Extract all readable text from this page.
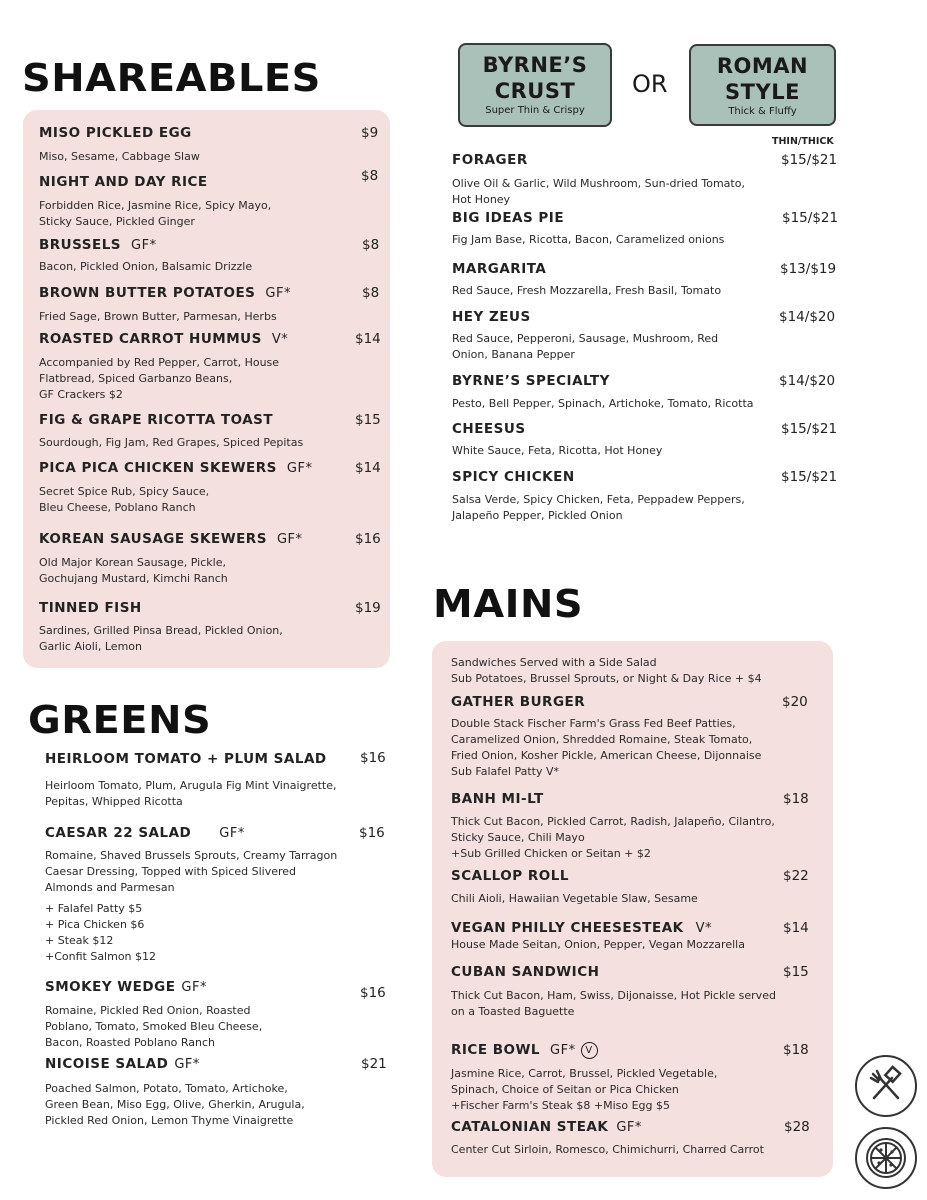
SHAREABLES
MISO PICKLED EGG	$9
Miso, Sesame, Cabbage Slaw
NIGHT AND DAY RICE	$8
Forbidden Rice, Jasmine Rice, Spicy Mayo,
Sticky Sauce, Pickled Ginger
BRUSSELS GF*	$8
Bacon, Pickled Onion, Balsamic Drizzle
BROWN BUTTER POTATOES GF*	$8
Fried Sage, Brown Butter, Parmesan, Herbs
ROASTED CARROT HUMMUS V*	$14
Accompanied by Red Pepper, Carrot, House
Flatbread, Spiced Garbanzo Beans,
GF Crackers $2
FIG & GRAPE RICOTTA TOAST	$15
Sourdough, Fig Jam, Red Grapes, Spiced Pepitas
PICA PICA CHICKEN SKEWERS GF*	$14
Secret Spice Rub, Spicy Sauce,
Bleu Cheese, Poblano Ranch
KOREAN SAUSAGE SKEWERS GF*	$16
Old Major Korean Sausage, Pickle,
Gochujang Mustard, Kimchi Ranch
TINNED FISH	$19
Sardines, Grilled Pinsa Bread, Pickled Onion,
Garlic Aioli, Lemon
GREENS
HEIRLOOM TOMATO + PLUM SALAD $16
Heirloom Tomato, Plum, Arugula Fig Mint Vinaigrette,
Pepitas, Whipped Ricotta
CAESAR 22 SALAD GF*	$16
Romaine, Shaved Brussels Sprouts, Creamy Tarragon
Caesar Dressing, Topped with Spiced Slivered
Almonds and Parmesan
+ Falafel Patty $5
+ Pica Chicken $6
+ Steak $12
+Confit Salmon $12
SMOKEY WEDGE GF*	$16
Romaine, Pickled Red Onion, Roasted
Poblano, Tomato, Smoked Bleu Cheese,
Bacon, Roasted Poblano Ranch
NICOISE SALAD GF*	$21
Poached Salmon, Potato, Tomato, Artichoke,
Green Bean, Miso Egg, Olive, Gherkin, Arugula,
Pickled Red Onion, Lemon Thyme Vinaigrette
BYRNE’S
CRUST
Super Thin & Crispy
OR
ROMAN
STYLE
Thick & Fluffy
THIN/THICK
FORAGER	$15/$21
Olive Oil & Garlic, Wild Mushroom, Sun-dried Tomato,
Hot Honey
BIG IDEAS PIE	$15/$21
Fig Jam Base, Ricotta, Bacon, Caramelized onions
MARGARITA	$13/$19
Red Sauce, Fresh Mozzarella, Fresh Basil, Tomato
HEY ZEUS	$14/$20
Red Sauce, Pepperoni, Sausage, Mushroom, Red
Onion, Banana Pepper
BYRNE’S SPECIALTY	$14/$20
Pesto, Bell Pepper, Spinach, Artichoke, Tomato, Ricotta
CHEESUS	$15/$21
White Sauce, Feta, Ricotta, Hot Honey
SPICY CHICKEN	$15/$21
Salsa Verde, Spicy Chicken, Feta, Peppadew Peppers,
Jalapeño Pepper, Pickled Onion
MAINS
Sandwiches Served with a Side Salad
Sub Potatoes, Brussel Sprouts, or Night & Day Rice + $4
GATHER BURGER	$20
Double Stack Fischer Farm's Grass Fed Beef Patties,
Caramelized Onion, Shredded Romaine, Steak Tomato,
Fried Onion, Kosher Pickle, American Cheese, Dijonnaise
Sub Falafel Patty V*
BANH MI-LT	$18
Thick Cut Bacon, Pickled Carrot, Radish, Jalapeño, Cilantro,
Sticky Sauce, Chili Mayo
+Sub Grilled Chicken or Seitan + $2
SCALLOP ROLL	$22
Chili Aioli, Hawaiian Vegetable Slaw, Sesame
VEGAN PHILLY CHEESESTEAK V*	$14
House Made Seitan, Onion, Pepper, Vegan Mozzarella
CUBAN SANDWICH	$15
Thick Cut Bacon, Ham, Swiss, Dijonaisse, Hot Pickle served
on a Toasted Baguette
RICE BOWL GF* V	$18
Jasmine Rice, Carrot, Brussel, Pickled Vegetable,
Spinach, Choice of Seitan or Pica Chicken
+Fischer Farm's Steak $8 +Miso Egg $5
CATALONIAN STEAK GF*	$28
Center Cut Sirloin, Romesco, Chimichurri, Charred Carrot
